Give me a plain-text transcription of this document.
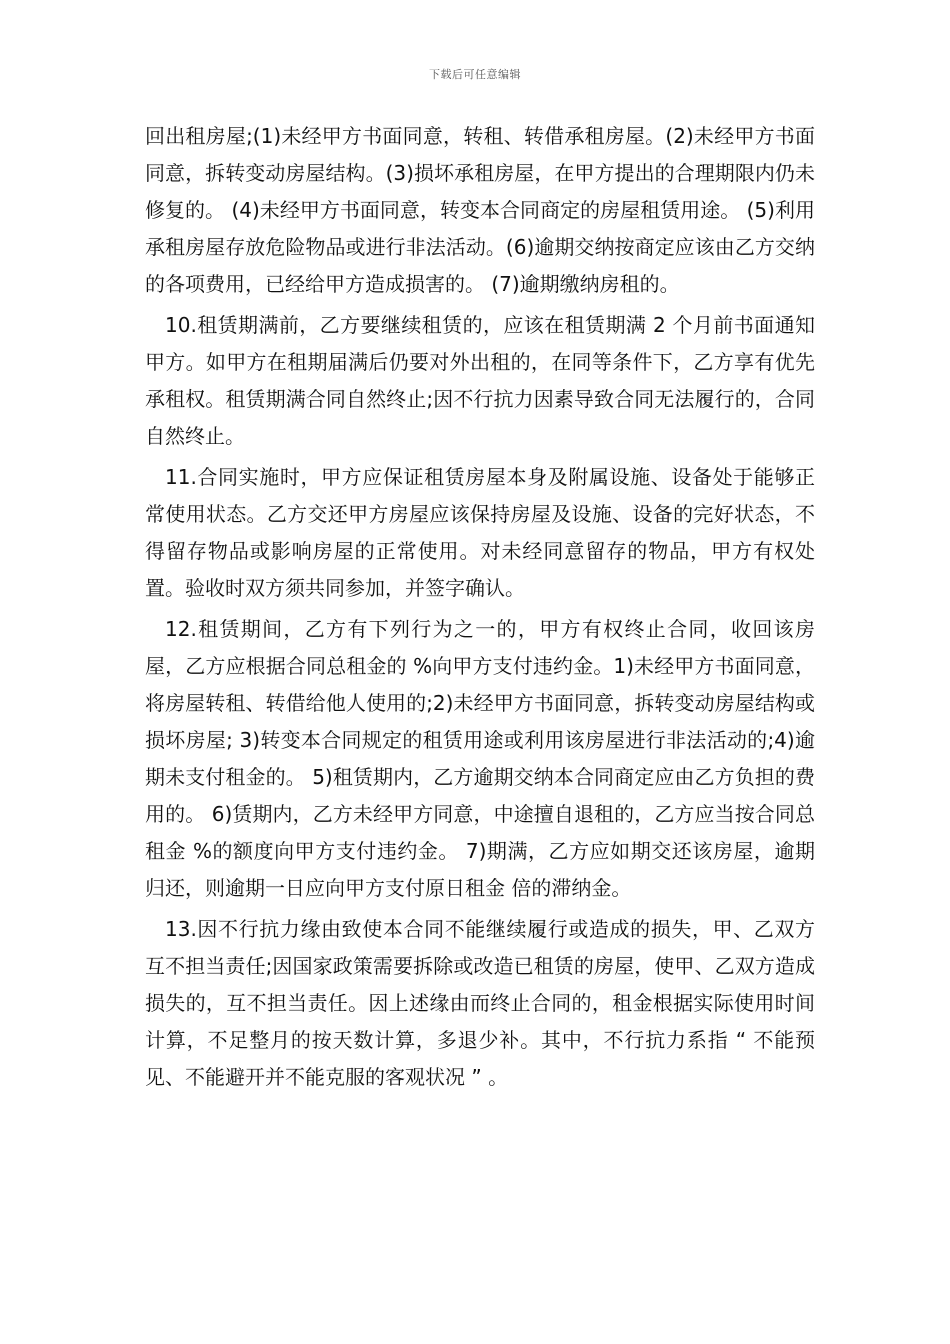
下载后可任意编辑

回出租房屋;(1)未经甲方书面同意，转租、转借承租房屋。(2)未经甲方书面同意，拆转变动房屋结构。(3)损坏承租房屋，在甲方提出的合理期限内仍未修复的。 (4)未经甲方书面同意，转变本合同商定的房屋租赁用途。 (5)利用承租房屋存放危险物品或进行非法活动。(6)逾期交纳按商定应该由乙方交纳的各项费用，已经给甲方造成损害的。 (7)逾期缴纳房租的。

10.租赁期满前，乙方要继续租赁的，应该在租赁期满 2 个月前书面通知甲方。如甲方在租期届满后仍要对外出租的，在同等条件下，乙方享有优先承租权。租赁期满合同自然终止;因不行抗力因素导致合同无法履行的，合同自然终止。

11.合同实施时，甲方应保证租赁房屋本身及附属设施、设备处于能够正常使用状态。乙方交还甲方房屋应该保持房屋及设施、设备的完好状态，不得留存物品或影响房屋的正常使用。对未经同意留存的物品，甲方有权处置。验收时双方须共同参加，并签字确认。

12.租赁期间，乙方有下列行为之一的，甲方有权终止合同，收回该房屋，乙方应根据合同总租金的 %向甲方支付违约金。1)未经甲方书面同意，将房屋转租、转借给他人使用的;2)未经甲方书面同意，拆转变动房屋结构或损坏房屋; 3)转变本合同规定的租赁用途或利用该房屋进行非法活动的;4)逾期未支付租金的。 5)租赁期内，乙方逾期交纳本合同商定应由乙方负担的费用的。 6)赁期内，乙方未经甲方同意，中途擅自退租的，乙方应当按合同总租金 %的额度向甲方支付违约金。 7)期满，乙方应如期交还该房屋，逾期归还，则逾期一日应向甲方支付原日租金 倍的滞纳金。

13.因不行抗力缘由致使本合同不能继续履行或造成的损失，甲、乙双方互不担当责任;因国家政策需要拆除或改造已租赁的房屋，使甲、乙双方造成损失的，互不担当责任。因上述缘由而终止合同的，租金根据实际使用时间计算，不足整月的按天数计算，多退少补。其中，不行抗力系指 “ 不能预见、不能避开并不能克服的客观状况 ” 。
